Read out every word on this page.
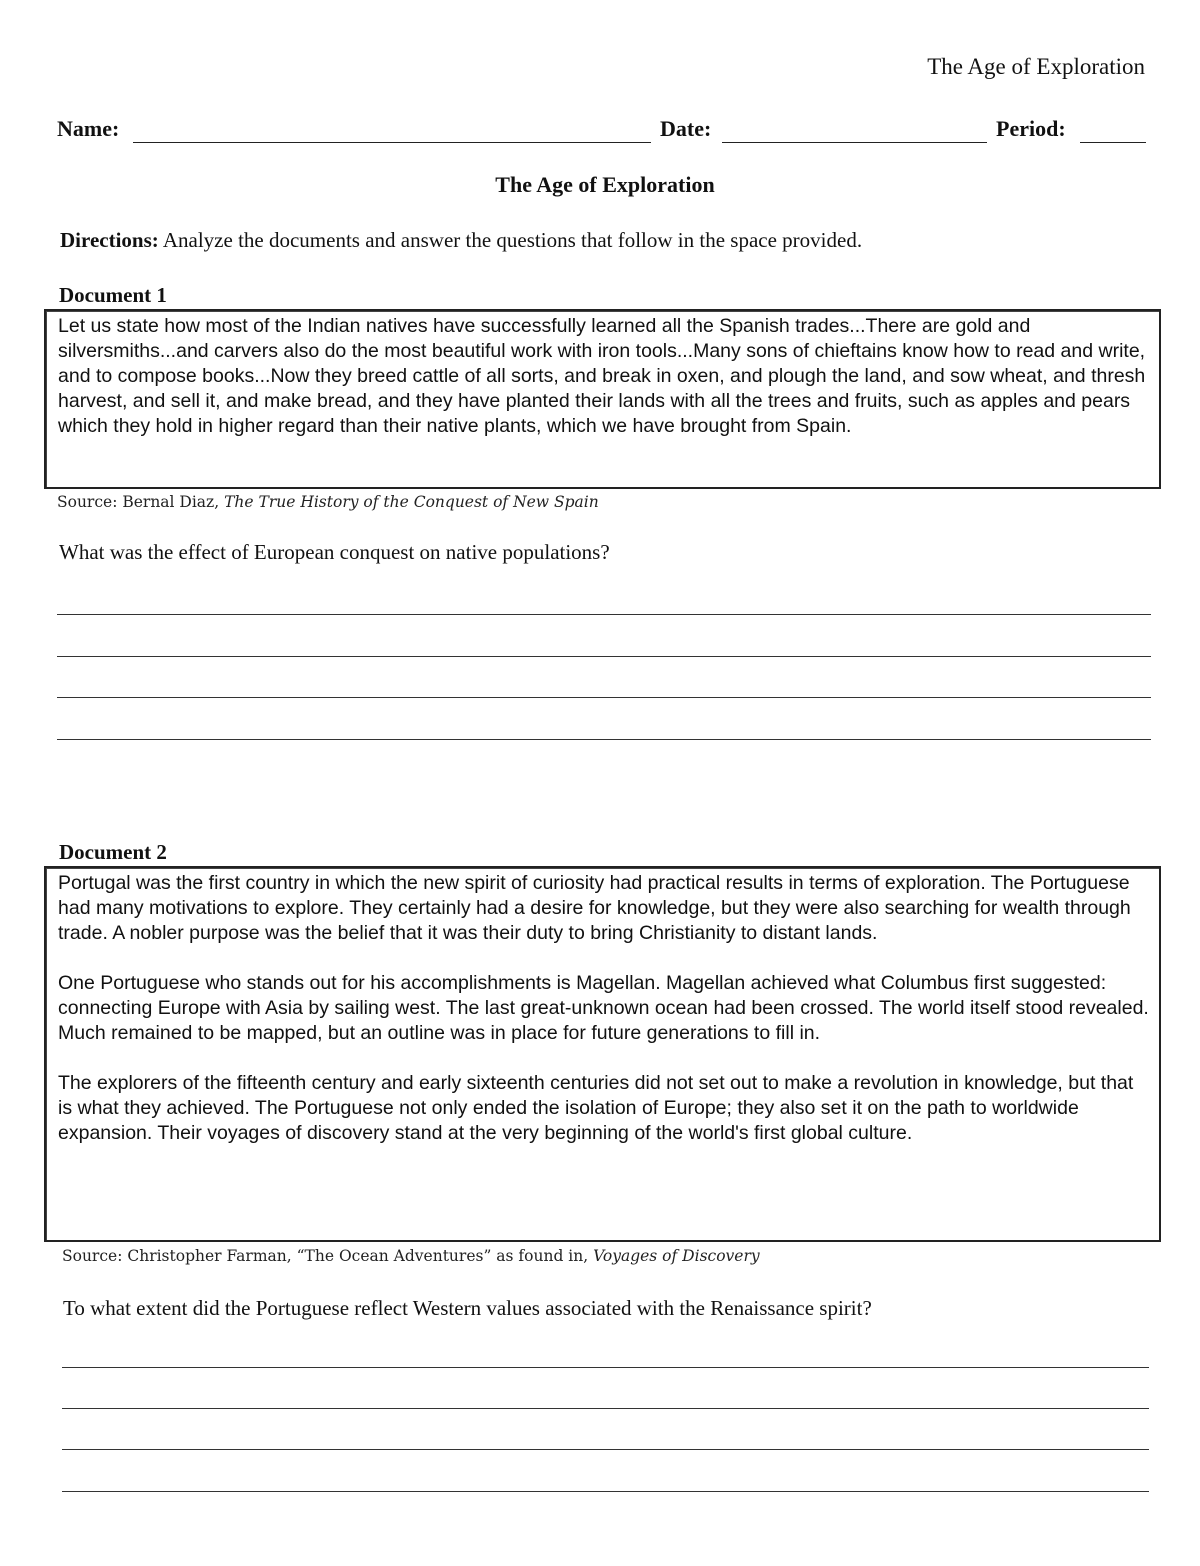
The Age of Exploration
Name:	Date:	Period:
The Age of Exploration
Directions: Analyze the documents and answer the questions that follow in the space provided.
Document 1

Let us state how most of the Indian natives have successfully learned all the Spanish trades...There are gold and silversmiths...and carvers also do the most beautiful work with iron tools...Many sons of chieftains know how to read and write, and to compose books...Now they breed cattle of all sorts, and break in oxen, and plough the land, and sow wheat, and thresh harvest, and sell it, and make bread, and they have planted their lands with all the trees and fruits, such as apples and pears which they hold in higher regard than their native plants, which we have brought from Spain.

Source: Bernal Diaz, The True History of the Conquest of New Spain
What was the effect of European conquest on native populations?
Document 2

Portugal was the first country in which the new spirit of curiosity had practical results in terms of exploration. The Portuguese had many motivations to explore. They certainly had a desire for knowledge, but they were also searching for wealth through trade. A nobler purpose was the belief that it was their duty to bring Christianity to distant lands.

One Portuguese who stands out for his accomplishments is Magellan. Magellan achieved what Columbus first suggested: connecting Europe with Asia by sailing west. The last great-unknown ocean had been crossed. The world itself stood revealed. Much remained to be mapped, but an outline was in place for future generations to fill in.

The explorers of the fifteenth century and early sixteenth centuries did not set out to make a revolution in knowledge, but that is what they achieved. The Portuguese not only ended the isolation of Europe; they also set it on the path to worldwide expansion. Their voyages of discovery stand at the very beginning of the world's first global culture.

Source: Christopher Farman, “The Ocean Adventures” as found in, Voyages of Discovery
To what extent did the Portuguese reflect Western values associated with the Renaissance spirit?
